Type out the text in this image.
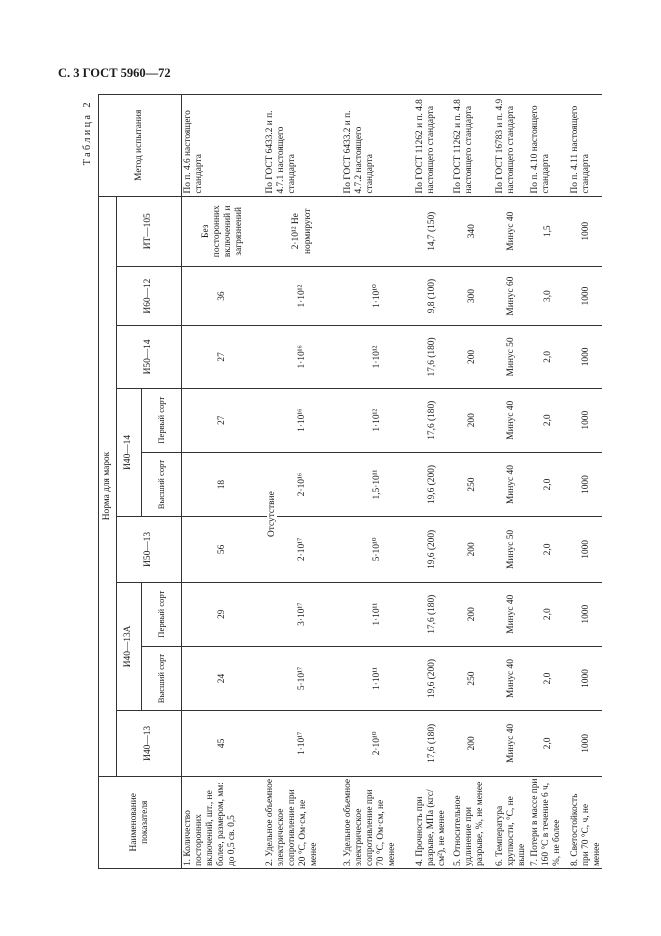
С. 3 ГОСТ 5960—72
Таблица 2
Наименование показателя	Норма для марок									Метод испытания
	И40—13	И40—13А		И50—13	И40—14		И50—14	И60—12	ИТ—105	
		Высший сорт	Первый сорт		Высший сорт	Первый сорт				
1. Количество посторонних включений, шт., не более, размером, мм: до 0,5 св. 0,5	45	24	29	56	18	27	27	36	Без посторонних включений и загрязнений	По п. 4.6 настоящего стандарта
2. Удельное объемное электрическое сопротивление при 20 °С, Ом·см, не менее	1·10¹⁷	5·10¹⁷	3·10¹⁷	2·10¹⁷	2·10¹⁶	1·10¹⁶	1·10¹⁶	1·10¹²	2·10¹² Не нормируют	По ГОСТ 6433.2 и п. 4.7.1 настоящего стандарта
3. Удельное объемное электрическое сопротивление при 70 °С, Ом·см, не менее	2·10¹⁰	1·10¹¹	1·10¹¹	5·10¹⁰	1,5·10¹¹	1·10¹²	1·10¹²	1·10¹⁰		По ГОСТ 6433.2 и п. 4.7.2 настоящего стандарта
4. Прочность при разрыве, МПа (кгс/см²), не менее	17,6 (180)	19,6 (200)	17,6 (180)	19,6 (200)	19,6 (200)	17,6 (180)	17,6 (180)	9,8 (100)	14,7 (150)	По ГОСТ 11262 и п. 4.8 настоящего стандарта
5. Относительное удлинение при разрыве, %, не менее	200	250	200	200	250	200	200	300	340	По ГОСТ 11262 и п. 4.8 настоящего стандарта
6. Температура хрупкости, °С, не выше	Минус 40	Минус 40	Минус 40	Минус 50	Минус 40	Минус 40	Минус 50	Минус 60	Минус 40	По ГОСТ 16783 и п. 4.9 настоящего стандарта
7. Потери в массе при 160 °С в течение 6 ч, %, не более	2,0	2,0	2,0	2,0	2,0	2,0	2,0	3,0	1,5	По п. 4.10 настоящего стандарта
8. Светостойкость при 70 °С, ч, не менее	1000	1000	1000	1000	1000	1000	1000	1000	1000	По п. 4.11 настоящего стандарта
Отсутствие
